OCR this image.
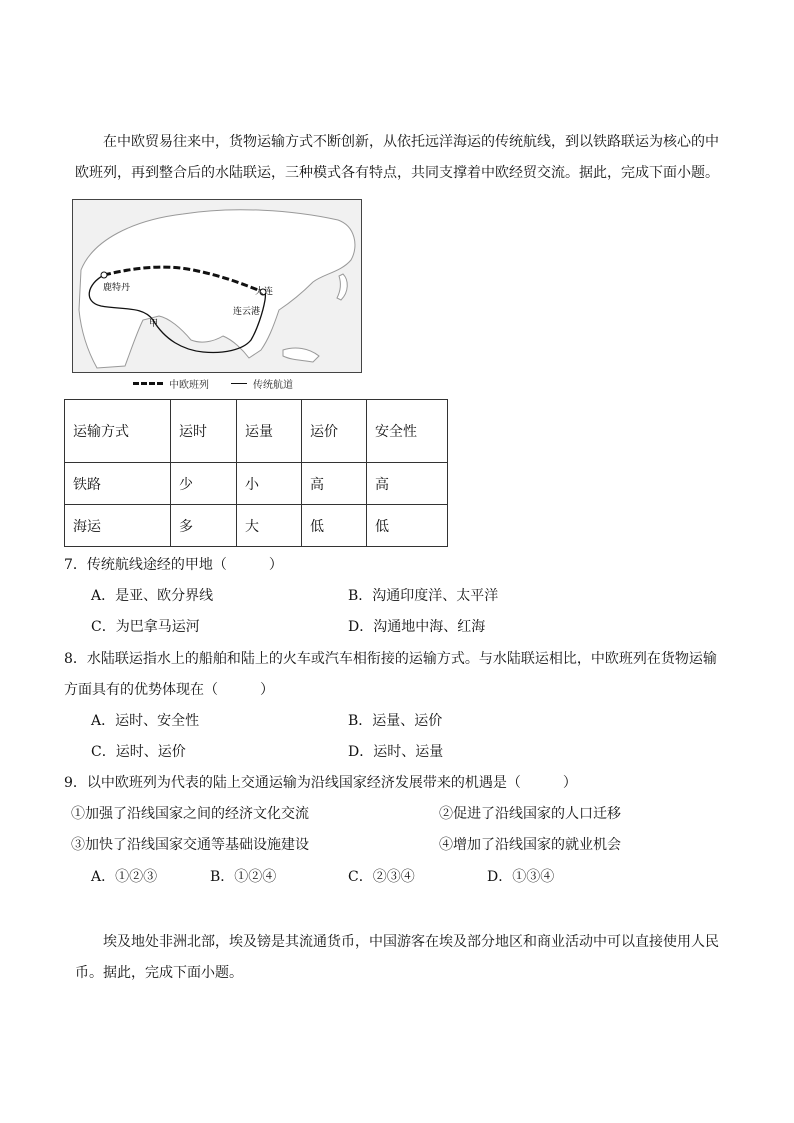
在中欧贸易往来中，货物运输方式不断创新，从依托远洋海运的传统航线，到以铁路联运为核心的中
欧班列，再到整合后的水陆联运，三种模式各有特点，共同支撑着中欧经贸交流。据此，完成下面小题。
鹿特丹	大连
连云港
甲
中欧班列	传统航道
运输方式	运时	运量	运价	安全性
铁路	少	小	高	高
海运	多	大	低	低
7．传统航线途经的甲地（　　　）
A．是亚、欧分界线	B．沟通印度洋、太平洋
C．为巴拿马运河	D．沟通地中海、红海
8．水陆联运指水上的船舶和陆上的火车或汽车相衔接的运输方式。与水陆联运相比，中欧班列在货物运输
方面具有的优势体现在（　　　）
A．运时、安全性	B．运量、运价
C．运时、运价	D．运时、运量
9．以中欧班列为代表的陆上交通运输为沿线国家经济发展带来的机遇是（　　　）
①加强了沿线国家之间的经济文化交流	②促进了沿线国家的人口迁移
③加快了沿线国家交通等基础设施建设	④增加了沿线国家的就业机会
A．①②③	B．①②④	C．②③④	D．①③④
埃及地处非洲北部，埃及镑是其流通货币，中国游客在埃及部分地区和商业活动中可以直接使用人民
币。据此，完成下面小题。
